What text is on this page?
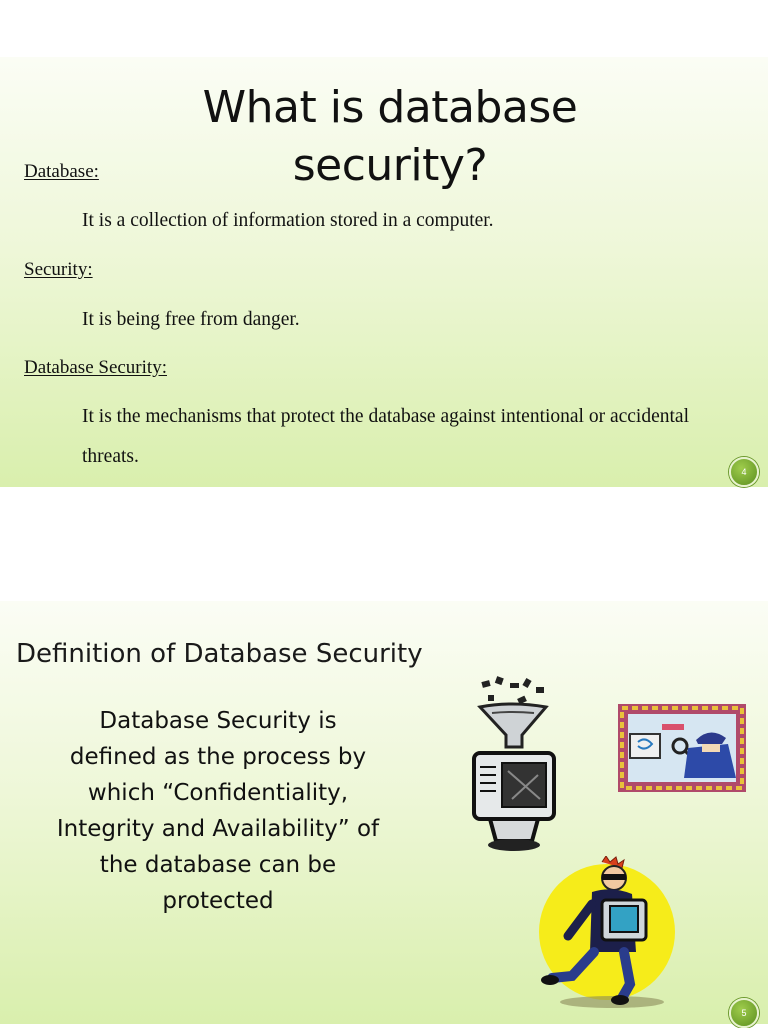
What is database
security?
Database:
It is a collection of information stored in a computer.
Security:
It is being free from danger.
Database Security:
It is the mechanisms that protect the database against intentional or accidental threats.
4
Definition of Database Security
Database Security is
defined as the process by
which “Confidentiality,
Integrity and Availability” of
the database can be
protected
5
